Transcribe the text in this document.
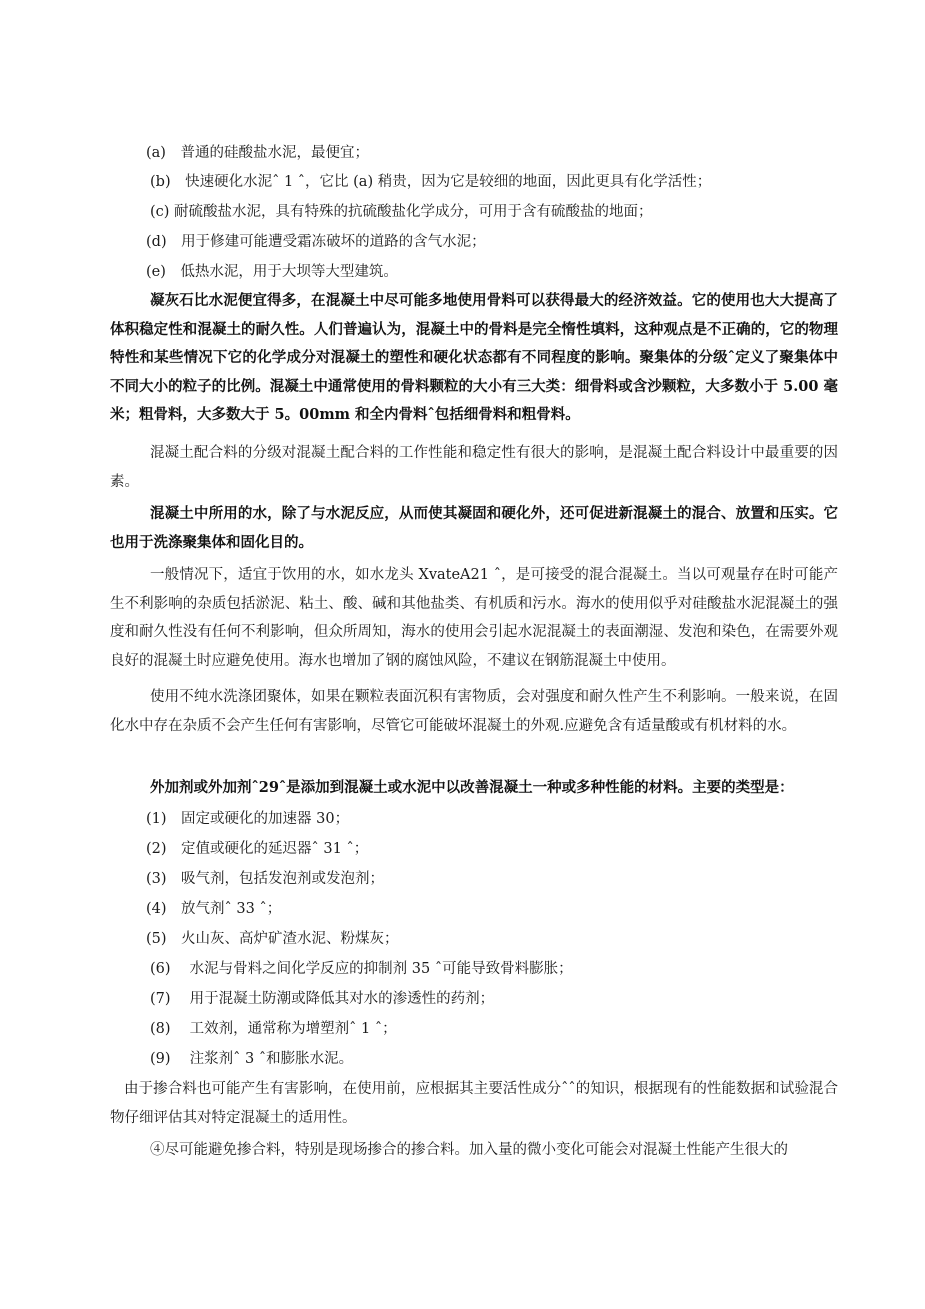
(a)　普通的硅酸盐水泥，最便宜；

(b)　快速硬化水泥ˆ 1 ˆ，它比 (a) 稍贵，因为它是较细的地面，因此更具有化学活性；

(c) 耐硫酸盐水泥，具有特殊的抗硫酸盐化学成分，可用于含有硫酸盐的地面；

(d)　用于修建可能遭受霜冻破坏的道路的含气水泥；

(e)　低热水泥，用于大坝等大型建筑。

凝灰石比水泥便宜得多，在混凝土中尽可能多地使用骨料可以获得最大的经济效益。它的使用也大大提高了体积稳定性和混凝土的耐久性。人们普遍认为，混凝土中的骨料是完全惰性填料，这种观点是不正确的，它的物理特性和某些情况下它的化学成分对混凝土的塑性和硬化状态都有不同程度的影响。聚集体的分级ˆ定义了聚集体中不同大小的粒子的比例。混凝土中通常使用的骨料颗粒的大小有三大类：细骨料或含沙颗粒，大多数小于 5.00 毫米；粗骨料，大多数大于 5。00mm 和全内骨料ˆ包括细骨料和粗骨料。

混凝土配合料的分级对混凝土配合料的工作性能和稳定性有很大的影响，是混凝土配合料设计中最重要的因素。

混凝土中所用的水，除了与水泥反应，从而使其凝固和硬化外，还可促进新混凝土的混合、放置和压实。它也用于洗涤聚集体和固化目的。

一般情况下，适宜于饮用的水，如水龙头 XvateA21 ˆ，是可接受的混合混凝土。当以可观量存在时可能产生不利影响的杂质包括淤泥、粘土、酸、碱和其他盐类、有机质和污水。海水的使用似乎对硅酸盐水泥混凝土的强度和耐久性没有任何不利影响，但众所周知，海水的使用会引起水泥混凝土的表面潮湿、发泡和染色，在需要外观良好的混凝土时应避免使用。海水也增加了钢的腐蚀风险，不建议在钢筋混凝土中使用。

使用不纯水洗涤团聚体，如果在颗粒表面沉积有害物质，会对强度和耐久性产生不利影响。一般来说，在固化水中存在杂质不会产生任何有害影响，尽管它可能破坏混凝土的外观.应避免含有适量酸或有机材料的水。

外加剂或外加剂ˆ29ˆ是添加到混凝土或水泥中以改善混凝土一种或多种性能的材料。主要的类型是：

(1)　固定或硬化的加速器 30；

(2)　定值或硬化的延迟器ˆ 31 ˆ；

(3)　吸气剂，包括发泡剂或发泡剂；

(4)　放气剂ˆ 33 ˆ；

(5)　火山灰、高炉矿渣水泥、粉煤灰；

(6)　 水泥与骨料之间化学反应的抑制剂 35 ˆ可能导致骨料膨胀；

(7)　 用于混凝土防潮或降低其对水的渗透性的药剂；

(8)　 工效剂，通常称为增塑剂ˆ 1 ˆ；

(9)　 注浆剂ˆ 3 ˆ和膨胀水泥。

由于掺合料也可能产生有害影响，在使用前，应根据其主要活性成分ˆˆ的知识，根据现有的性能数据和试验混合物仔细评估其对特定混凝土的适用性。

④尽可能避免掺合料，特别是现场掺合的掺合料。加入量的微小变化可能会对混凝土性能产生很大的
